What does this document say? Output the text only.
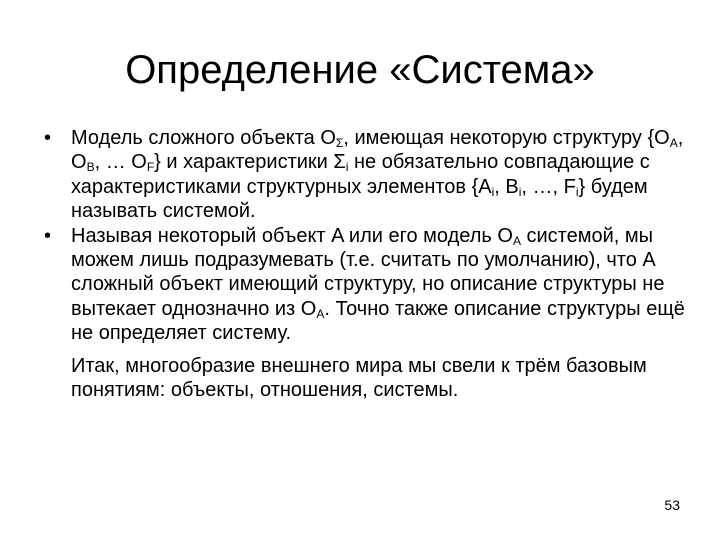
Определение «Система»
• Модель сложного объекта $O_\Sigma$, имеющая некоторую структуру {$O_A$, $O_B$, … $O_F$} и характеристики $\Sigma_i$ не обязательно совпадающие с характеристиками структурных элементов {$A_i$, $B_i$, …, $F_i$} будем называть системой.
• Называя некоторый объект A или его модель $O_A$ системой, мы можем лишь подразумевать (т.е. считать по умолчанию), что A сложный объект имеющий структуру, но описание структуры не вытекает однозначно из $O_A$. Точно также описание структуры ещё не определяет систему.
Итак, многообразие внешнего мира мы свели к трём базовым понятиям: объекты, отношения, системы.
53
